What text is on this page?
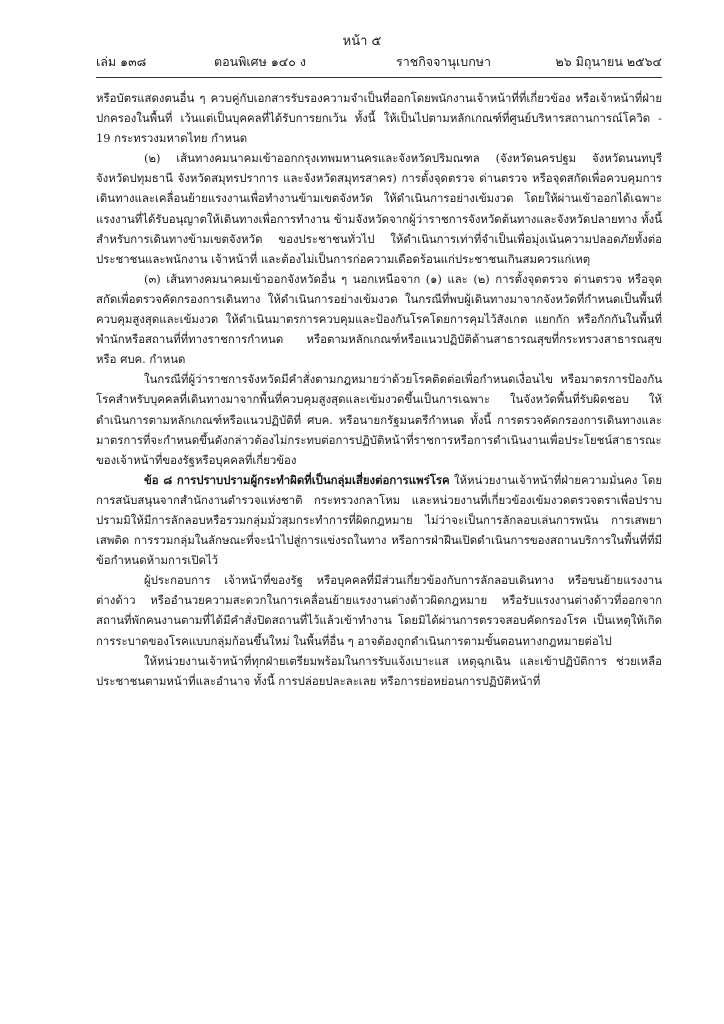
หน้า ๕
เล่ม ๑๓๘	ตอนพิเศษ ๑๔๐ ง	ราชกิจจานุเบกษา	๒๖ มิถุนายน ๒๕๖๔

หรือบัตรแสดงตนอื่น ๆ ควบคู่กับเอกสารรับรองความจำเป็นที่ออกโดยพนักงานเจ้าหน้าที่ที่เกี่ยวข้อง หรือเจ้าหน้าที่ฝ่ายปกครองในพื้นที่ เว้นแต่เป็นบุคคลที่ได้รับการยกเว้น ทั้งนี้ ให้เป็นไปตามหลักเกณฑ์ที่ศูนย์บริหารสถานการณ์โควิด - 19 กระทรวงมหาดไทย กำหนด

(๒) เส้นทางคมนาคมเข้าออกกรุงเทพมหานครและจังหวัดปริมณฑล (จังหวัดนครปฐม จังหวัดนนทบุรี จังหวัดปทุมธานี จังหวัดสมุทรปราการ และจังหวัดสมุทรสาคร) การตั้งจุดตรวจ ด่านตรวจ หรือจุดสกัดเพื่อควบคุมการเดินทางและเคลื่อนย้ายแรงงานเพื่อทำงานข้ามเขตจังหวัด ให้ดำเนินการอย่างเข้มงวด โดยให้ผ่านเข้าออกได้เฉพาะแรงงานที่ได้รับอนุญาตให้เดินทางเพื่อการทำงาน ข้ามจังหวัดจากผู้ว่าราชการจังหวัดต้นทางและจังหวัดปลายทาง ทั้งนี้ สำหรับการเดินทางข้ามเขตจังหวัด ของประชาชนทั่วไป ให้ดำเนินการเท่าที่จำเป็นเพื่อมุ่งเน้นความปลอดภัยทั้งต่อประชาชนและพนักงาน เจ้าหน้าที่ และต้องไม่เป็นการก่อความเดือดร้อนแก่ประชาชนเกินสมควรแก่เหตุ

(๓) เส้นทางคมนาคมเข้าออกจังหวัดอื่น ๆ นอกเหนือจาก (๑) และ (๒) การตั้งจุดตรวจ ด่านตรวจ หรือจุดสกัดเพื่อตรวจคัดกรองการเดินทาง ให้ดำเนินการอย่างเข้มงวด ในกรณีที่พบผู้เดินทางมาจากจังหวัดที่กำหนดเป็นพื้นที่ควบคุมสูงสุดและเข้มงวด ให้ดำเนินมาตรการควบคุมและป้องกันโรคโดยการคุมไว้สังเกต แยกกัก หรือกักกันในพื้นที่พำนักหรือสถานที่ที่ทางราชการกำหนด หรือตามหลักเกณฑ์หรือแนวปฏิบัติด้านสาธารณสุขที่กระทรวงสาธารณสุขหรือ ศบค. กำหนด

ในกรณีที่ผู้ว่าราชการจังหวัดมีคำสั่งตามกฎหมายว่าด้วยโรคติดต่อเพื่อกำหนดเงื่อนไข หรือมาตรการป้องกันโรคสำหรับบุคคลที่เดินทางมาจากพื้นที่ควบคุมสูงสุดและเข้มงวดขึ้นเป็นการเฉพาะ ในจังหวัดพื้นที่รับผิดชอบ ให้ดำเนินการตามหลักเกณฑ์หรือแนวปฏิบัติที่ ศบค. หรือนายกรัฐมนตรีกำหนด ทั้งนี้ การตรวจคัดกรองการเดินทางและมาตรการที่จะกำหนดขึ้นดังกล่าวต้องไม่กระทบต่อการปฏิบัติหน้าที่ราชการหรือการดำเนินงานเพื่อประโยชน์สาธารณะของเจ้าหน้าที่ของรัฐหรือบุคคลที่เกี่ยวข้อง

ข้อ ๘ การปราบปรามผู้กระทำผิดที่เป็นกลุ่มเสี่ยงต่อการแพร่โรค ให้หน่วยงานเจ้าหน้าที่ฝ่ายความมั่นคง โดยการสนับสนุนจากสำนักงานตำรวจแห่งชาติ กระทรวงกลาโหม และหน่วยงานที่เกี่ยวข้องเข้มงวดตรวจตราเพื่อปราบปรามมิให้มีการลักลอบหรือรวมกลุ่มมั่วสุมกระทำการที่ผิดกฎหมาย ไม่ว่าจะเป็นการลักลอบเล่นการพนัน การเสพยาเสพติด การรวมกลุ่มในลักษณะที่จะนำไปสู่การแข่งรถในทาง หรือการฝ่าฝืนเปิดดำเนินการของสถานบริการในพื้นที่ที่มีข้อกำหนดห้ามการเปิดไว้

ผู้ประกอบการ เจ้าหน้าที่ของรัฐ หรือบุคคลที่มีส่วนเกี่ยวข้องกับการลักลอบเดินทาง หรือขนย้ายแรงงานต่างด้าว หรืออำนวยความสะดวกในการเคลื่อนย้ายแรงงานต่างด้าวผิดกฎหมาย หรือรับแรงงานต่างด้าวที่ออกจากสถานที่พักคนงานตามที่ได้มีคำสั่งปิดสถานที่ไว้แล้วเข้าทำงาน โดยมิได้ผ่านการตรวจสอบคัดกรองโรค เป็นเหตุให้เกิดการระบาดของโรคแบบกลุ่มก้อนขึ้นใหม่ ในพื้นที่อื่น ๆ อาจต้องถูกดำเนินการตามขั้นตอนทางกฎหมายต่อไป

ให้หน่วยงานเจ้าหน้าที่ทุกฝ่ายเตรียมพร้อมในการรับแจ้งเบาะแส เหตุฉุกเฉิน และเข้าปฏิบัติการ ช่วยเหลือประชาชนตามหน้าที่และอำนาจ ทั้งนี้ การปล่อยปละละเลย หรือการย่อหย่อนการปฏิบัติหน้าที่
